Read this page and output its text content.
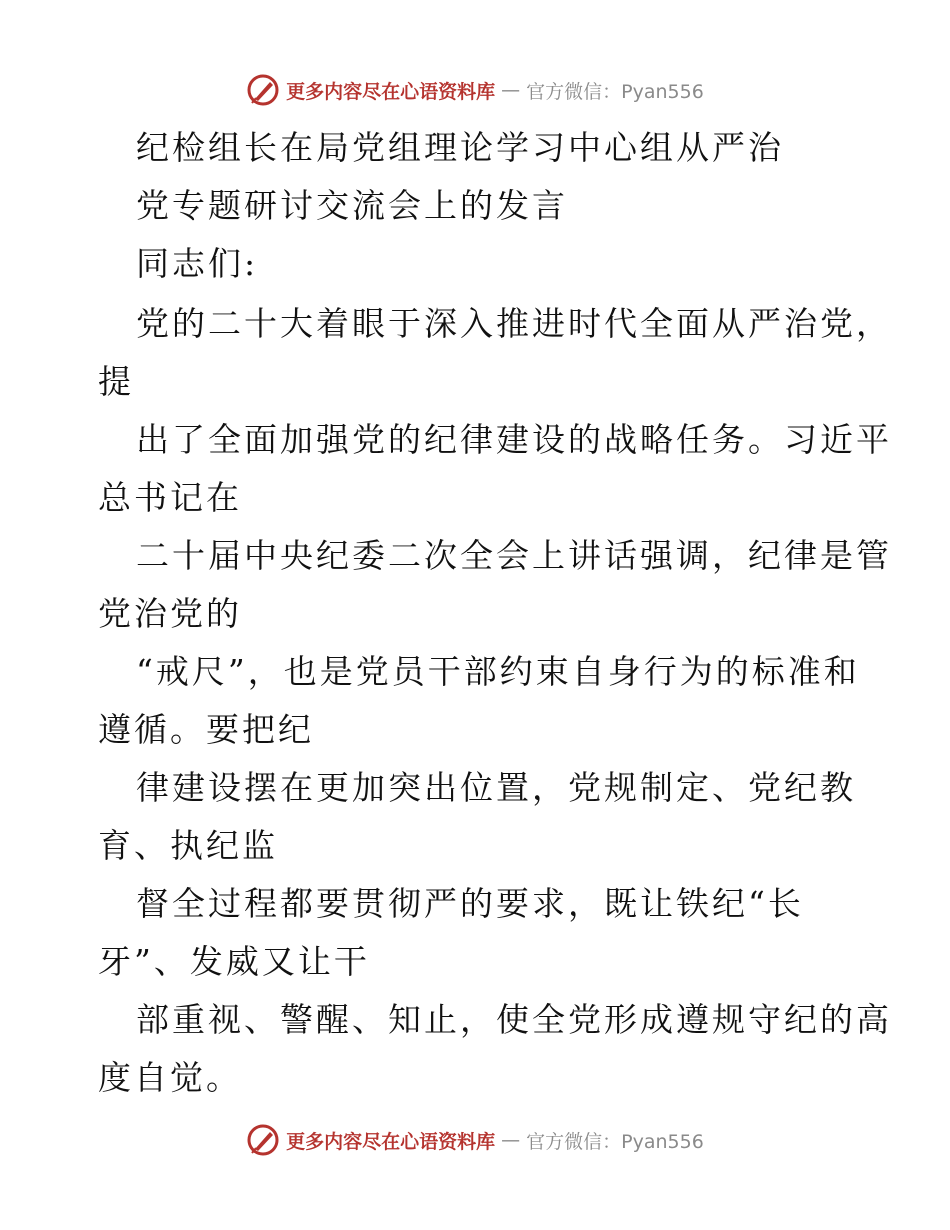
更多内容尽在心语资料库 — 官方微信：Pyan556
纪检组长在局党组理论学习中心组从严治
党专题研讨交流会上的发言
同志们:
党的二十大着眼于深入推进时代全面从严治党，
提
出了全面加强党的纪律建设的战略任务。习近平
总书记在
二十届中央纪委二次全会上讲话强调，纪律是管
党治党的
“戒尺”，也是党员干部约束自身行为的标准和
遵循。要把纪
律建设摆在更加突出位置，党规制定、党纪教
育、执纪监
督全过程都要贯彻严的要求，既让铁纪“长
牙”、发威又让干
部重视、警醒、知止，使全党形成遵规守纪的高
度自觉。
更多内容尽在心语资料库 — 官方微信：Pyan556
